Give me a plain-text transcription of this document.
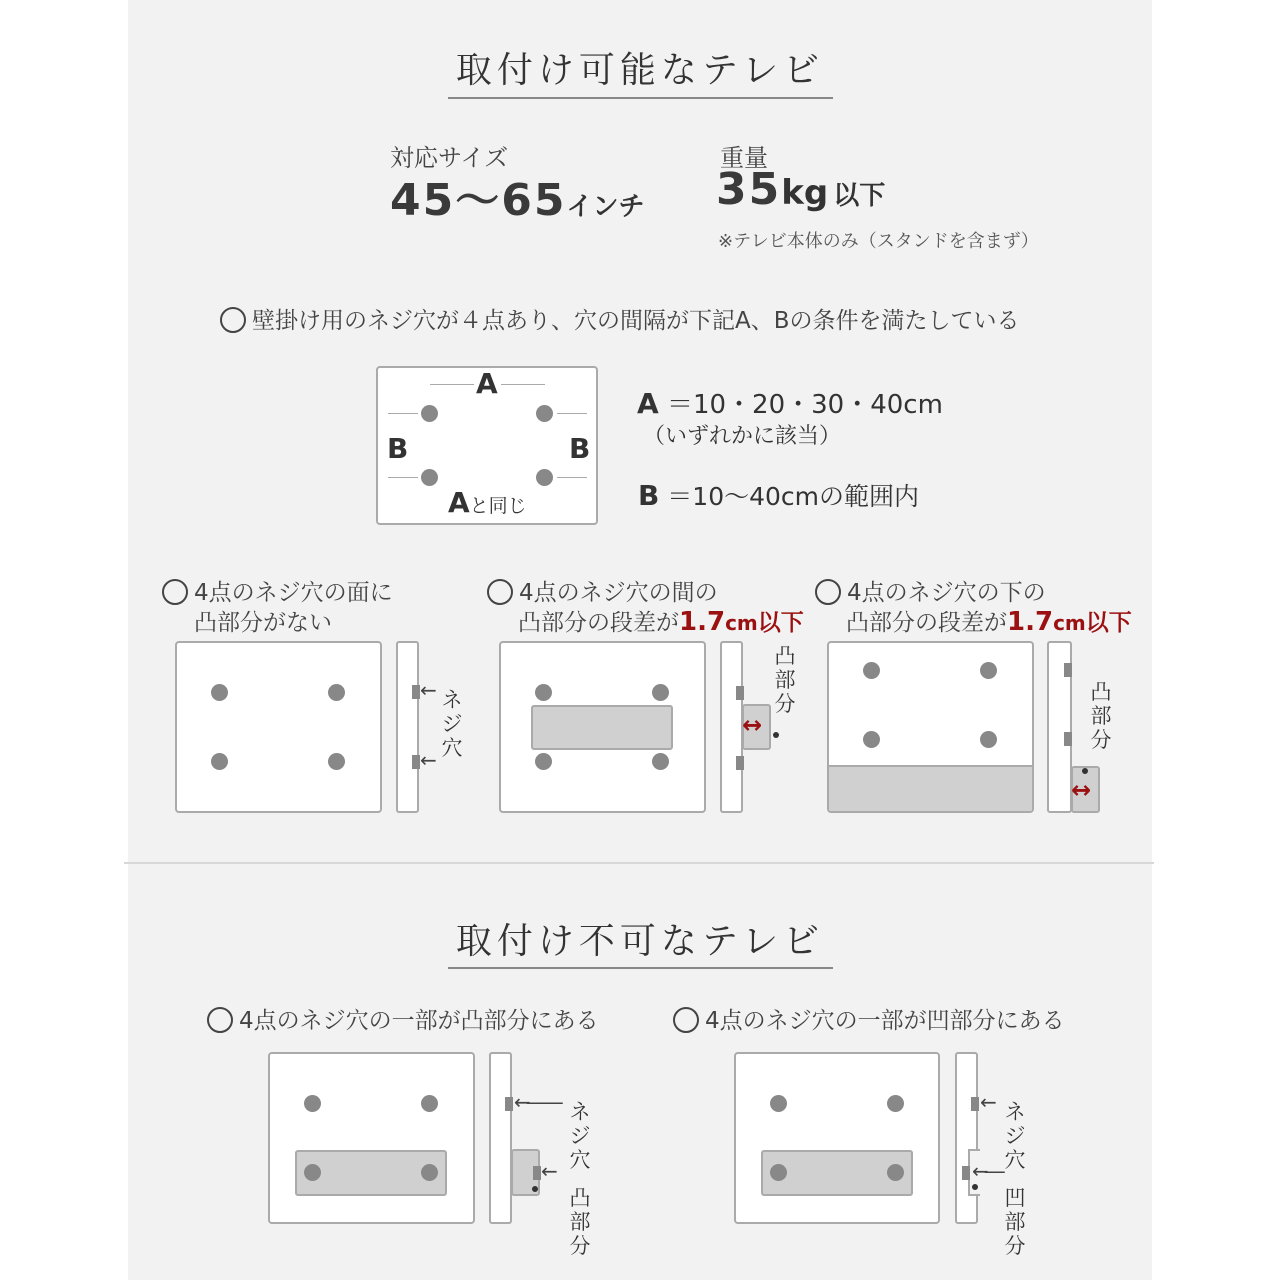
取付け可能なテレビ
対応サイズ
45～65インチ
重量
35kg 以下
※テレビ本体のみ（スタンドを含まず）
壁掛け用のネジ穴が４点あり、穴の間隔が下記A、Bの条件を満たしている
A
B	B
Aと同じ
A ＝10・20・30・40cm
（いずれかに該当）
B ＝10～40cmの範囲内
4点のネジ穴の面に
凸部分がない
4点のネジ穴の間の
凸部分の段差が1.7cm以下
4点のネジ穴の下の
凸部分の段差が1.7cm以下
←
←
ネジ穴
↔
凸部分
↔
凸部分
取付け不可なテレビ
4点のネジ穴の一部が凸部分にある	4点のネジ穴の一部が凹部分にある
←――
←
ネジ穴
凸部分
←
←―
ネジ穴
凹部分
